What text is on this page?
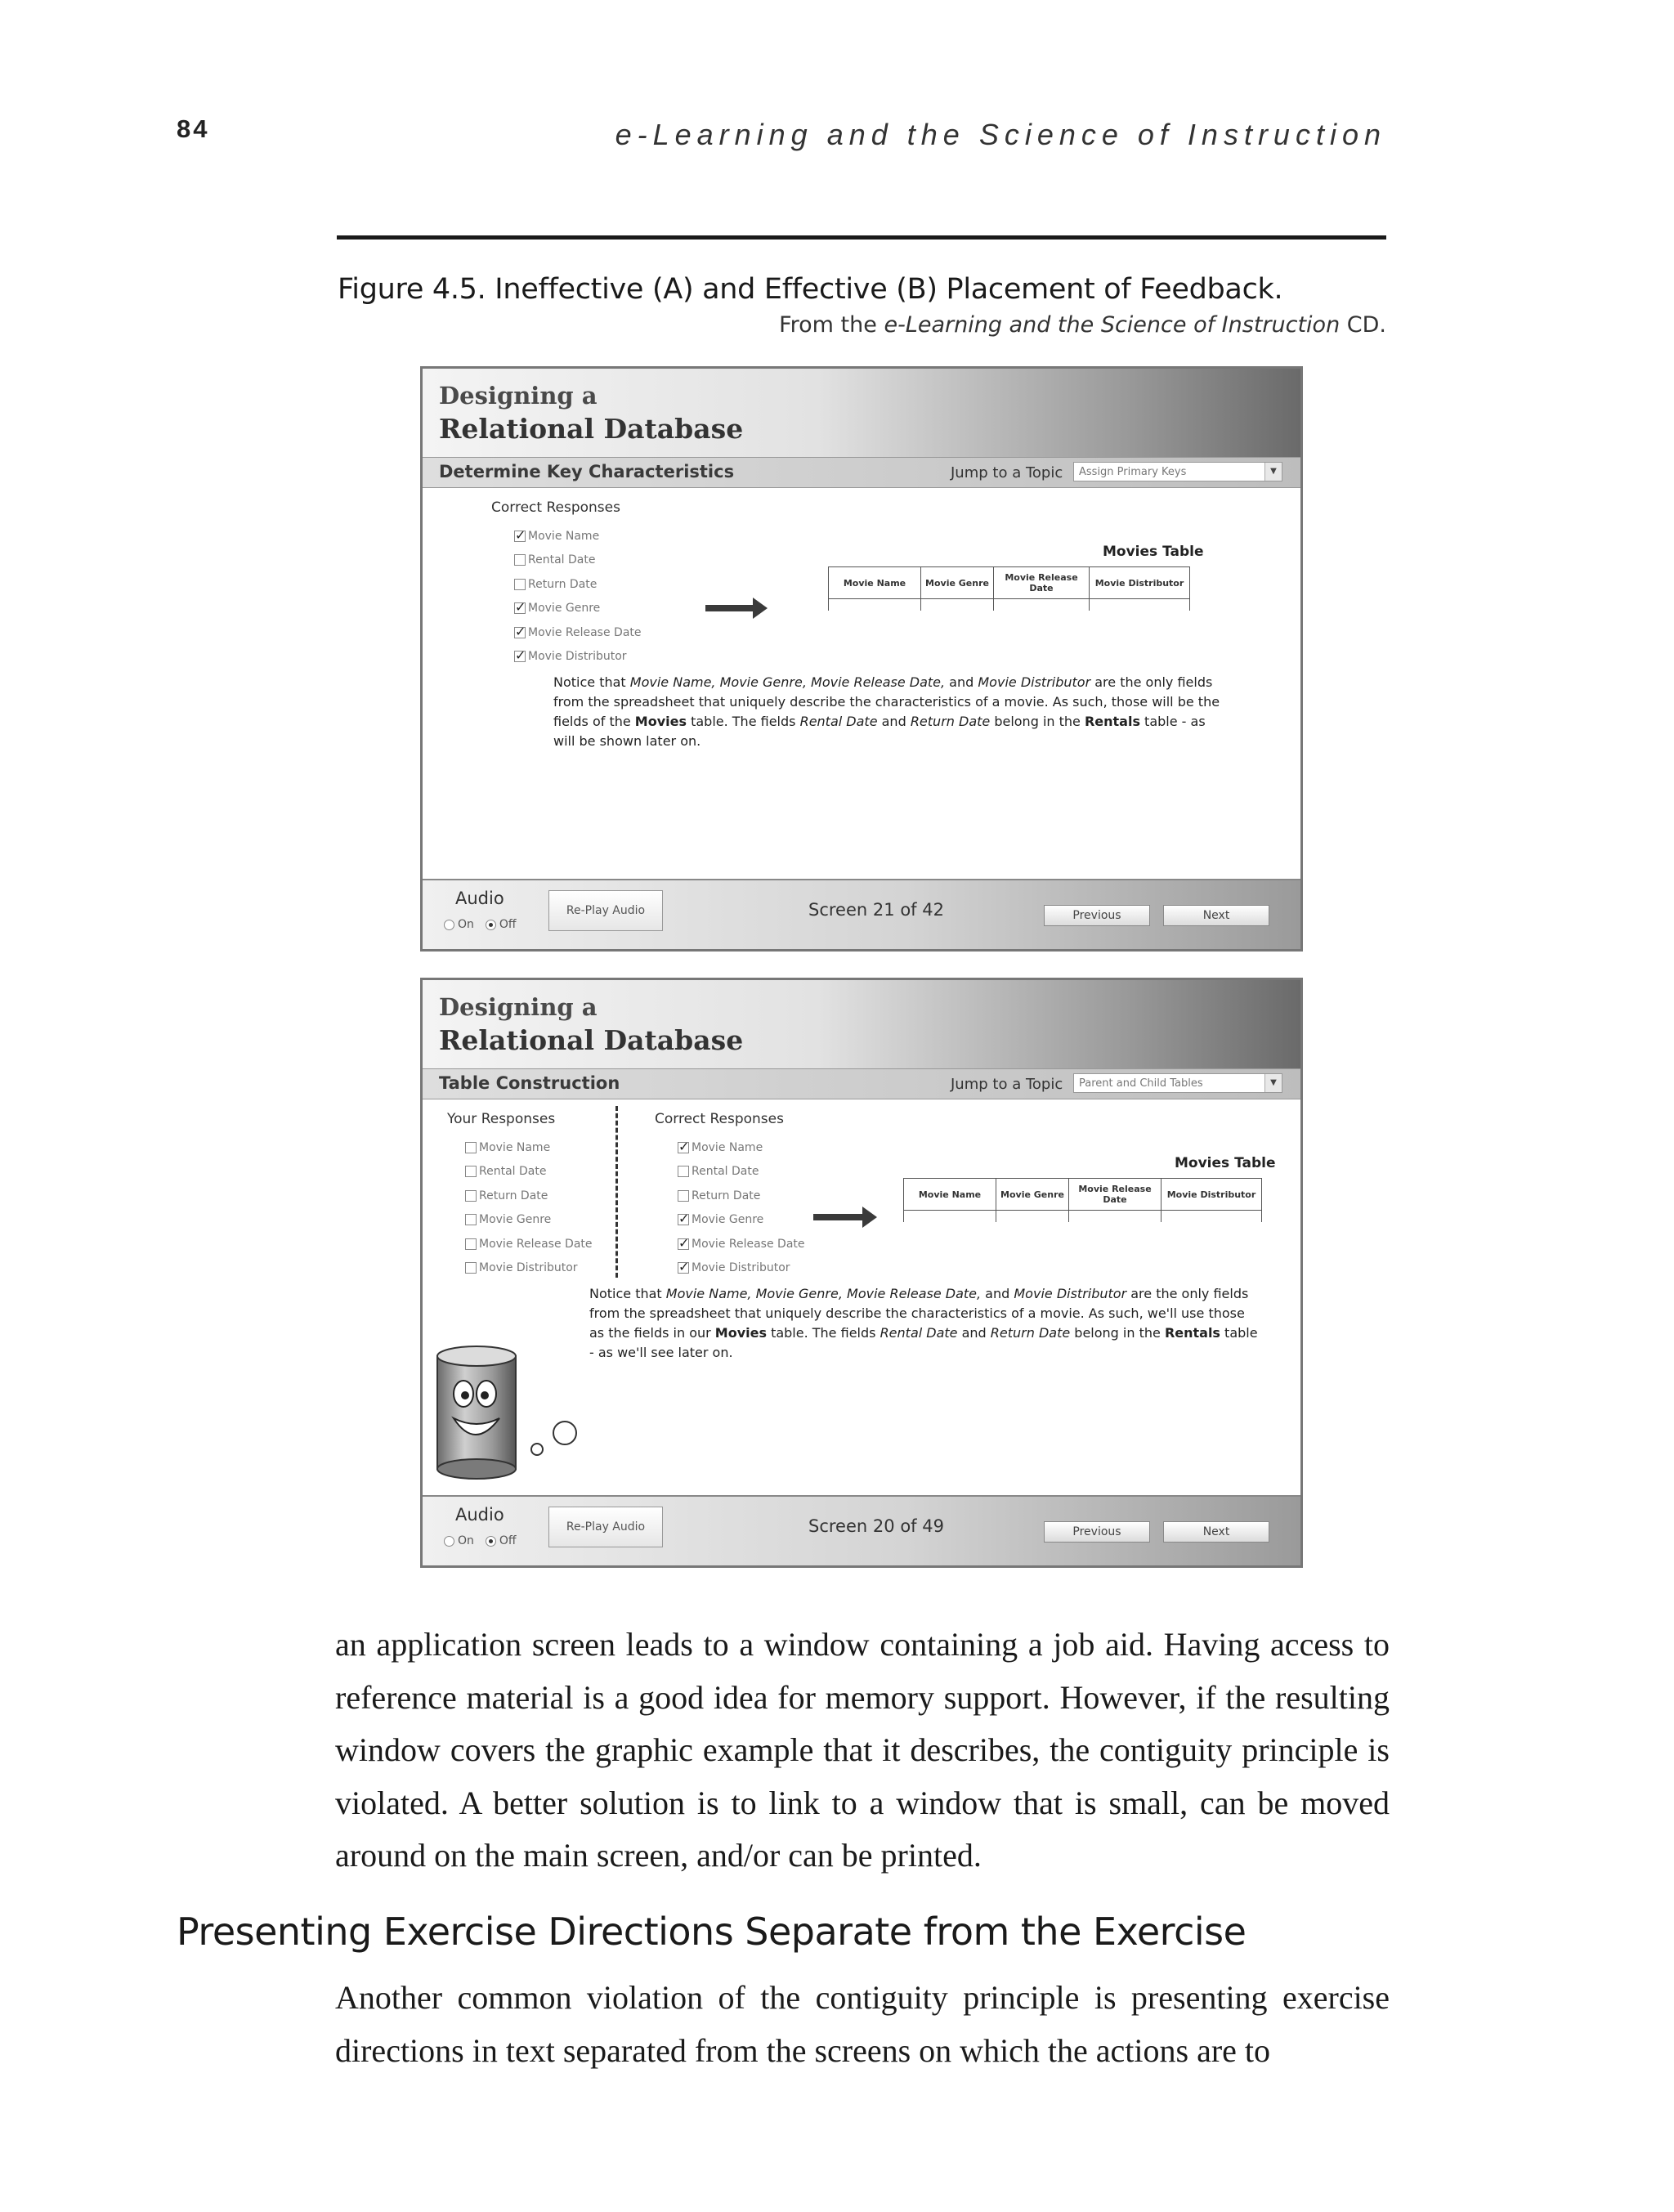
84	e-Learning and the Science of Instruction
Figure 4.5. Ineffective (A) and Effective (B) Placement of Feedback.
From the e-Learning and the Science of Instruction CD.
Designing a
Relational Database
Determine Key Characteristics	Jump to a Topic	Assign Primary Keys	▼
Correct Responses
✓
Movie Name
Rental Date
Return Date
✓
Movie Genre
✓
Movie Release Date
✓
Movie Distributor
Movies Table
Movie Name	Movie Genre	Movie Release Date	Movie Distributor

Notice that Movie Name, Movie Genre, Movie Release Date, and Movie Distributor are the only fields from the spreadsheet that uniquely describe the characteristics of a movie. As such, those will be the fields of the Movies table. The fields Rental Date and Return Date belong in the Rentals table - as will be shown later on.
Audio
On	Off
Re-Play Audio	Screen 21 of 42	Previous	Next
Designing a
Relational Database
Table Construction	Jump to a Topic	Parent and Child Tables	▼
Your Responses
Movie Name
Rental Date
Return Date
Movie Genre
Movie Release Date
Movie Distributor
Correct Responses
✓
Movie Name
Rental Date
Return Date
✓
Movie Genre
✓
Movie Release Date
✓
Movie Distributor
Movies Table
Movie Name	Movie Genre	Movie Release Date	Movie Distributor

Notice that Movie Name, Movie Genre, Movie Release Date, and Movie Distributor are the only fields from the spreadsheet that uniquely describe the characteristics of a movie. As such, we'll use those as the fields in our Movies table. The fields Rental Date and Return Date belong in the Rentals table - as we'll see later on.
Audio
On	Off
Re-Play Audio	Screen 20 of 49	Previous	Next

an application screen leads to a window containing a job aid. Having access to reference material is a good idea for memory support. However, if the resulting window covers the graphic example that it describes, the contiguity principle is violated. A better solution is to link to a window that is small, can be moved around on the main screen, and/or can be printed.

Presenting Exercise Directions Separate from the Exercise

Another common violation of the contiguity principle is presenting exercise directions in text separated from the screens on which the actions are to
